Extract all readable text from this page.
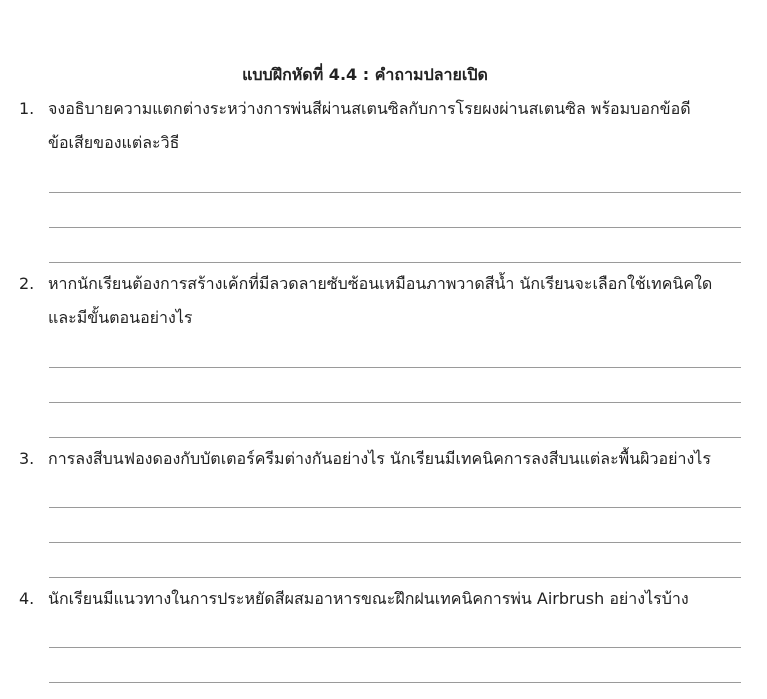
แบบฝึกหัดที่ 4.4 : คำถามปลายเปิด
1. จงอธิบายความแตกต่างระหว่างการพ่นสีผ่านสเตนซิลกับการโรยผงผ่านสเตนซิล พร้อมบอกข้อดี
ข้อเสียของแต่ละวิธี
2. หากนักเรียนต้องการสร้างเค้กที่มีลวดลายซับซ้อนเหมือนภาพวาดสีน้ำ นักเรียนจะเลือกใช้เทคนิคใด
และมีขั้นตอนอย่างไร
3. การลงสีบนฟองดองกับบัตเตอร์ครีมต่างกันอย่างไร นักเรียนมีเทคนิคการลงสีบนแต่ละพื้นผิวอย่างไร
4. นักเรียนมีแนวทางในการประหยัดสีผสมอาหารขณะฝึกฝนเทคนิคการพ่น Airbrush อย่างไรบ้าง
